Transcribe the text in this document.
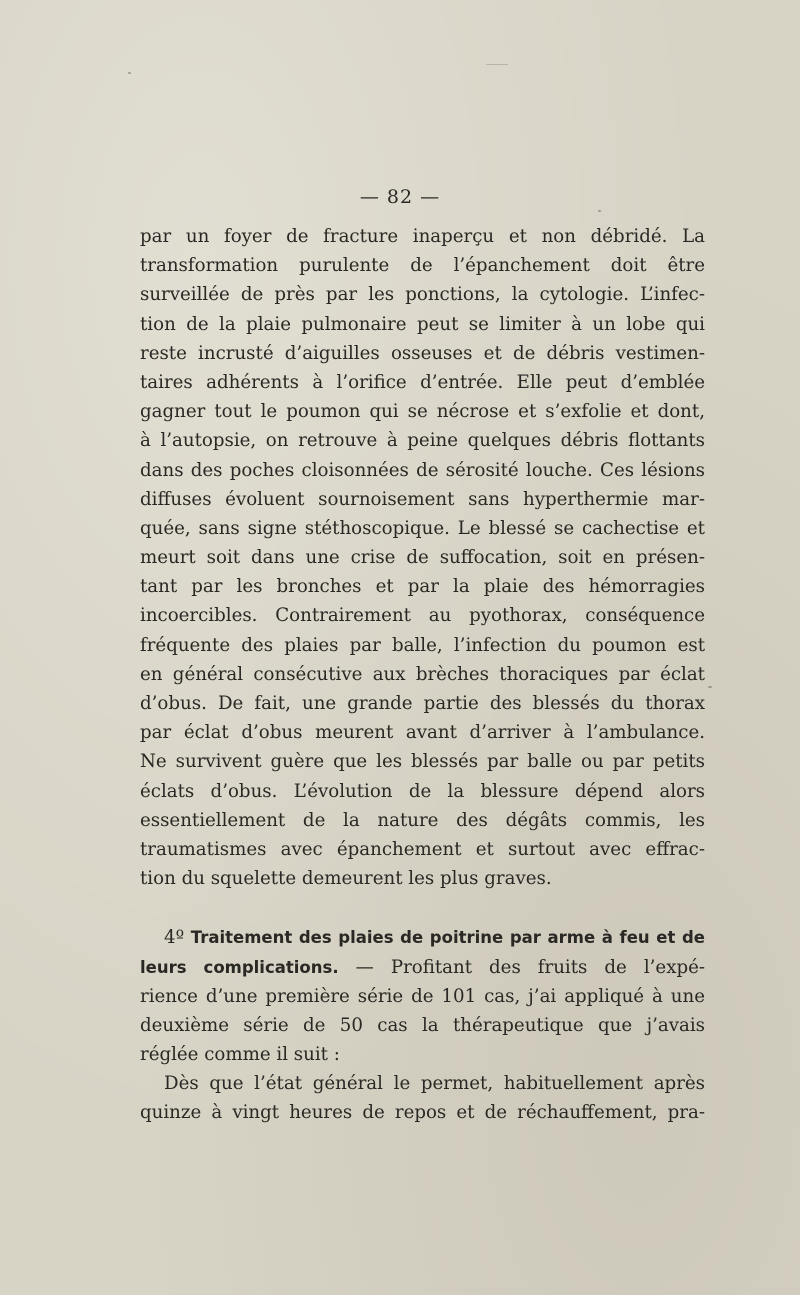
— 82 —
par un foyer de fracture inaperçu et non débridé. La
transformation purulente de l’épanchement doit être
surveillée de près par les ponctions, la cytologie. L’infec-
tion de la plaie pulmonaire peut se limiter à un lobe qui
reste incrusté d’aiguilles osseuses et de débris vestimen-
taires adhérents à l’orifice d’entrée. Elle peut d’emblée
gagner tout le poumon qui se nécrose et s’exfolie et dont,
à l’autopsie, on retrouve à peine quelques débris flottants
dans des poches cloisonnées de sérosité louche. Ces lésions
diffuses évoluent sournoisement sans hyperthermie mar-
quée, sans signe stéthoscopique. Le blessé se cachectise et
meurt soit dans une crise de suffocation, soit en présen-
tant par les bronches et par la plaie des hémorragies
incoercibles. Contrairement au pyothorax, conséquence
fréquente des plaies par balle, l’infection du poumon est
en général consécutive aux brèches thoraciques par éclat
d’obus. De fait, une grande partie des blessés du thorax
par éclat d’obus meurent avant d’arriver à l’ambulance.
Ne survivent guère que les blessés par balle ou par petits
éclats d’obus. L’évolution de la blessure dépend alors
essentiellement de la nature des dégâts commis, les
traumatismes avec épanchement et surtout avec effrac-
tion du squelette demeurent les plus graves.
4º Traitement des plaies de poitrine par arme à feu et de
leurs complications. — Profitant des fruits de l’expé-
rience d’une première série de 101 cas, j’ai appliqué à une
deuxième série de 50 cas la thérapeutique que j’avais
réglée comme il suit :
Dès que l’état général le permet, habituellement après
quinze à vingt heures de repos et de réchauffement, pra-
